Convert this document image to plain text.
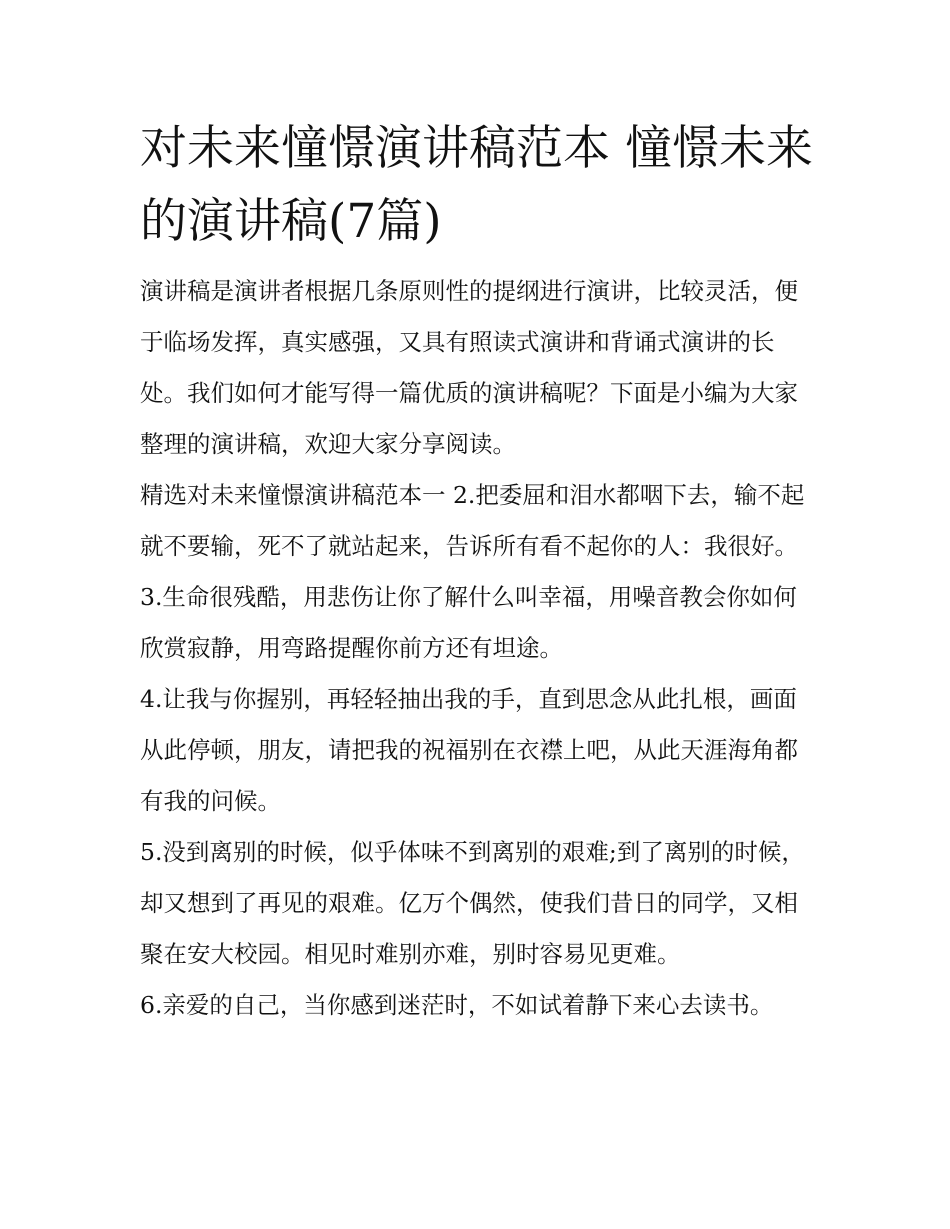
对未来憧憬演讲稿范本 憧憬未来的演讲稿(7篇)

演讲稿是演讲者根据几条原则性的提纲进行演讲，比较灵活，便于临场发挥，真实感强，又具有照读式演讲和背诵式演讲的长处。我们如何才能写得一篇优质的演讲稿呢？下面是小编为大家整理的演讲稿，欢迎大家分享阅读。

精选对未来憧憬演讲稿范本一 2.把委屈和泪水都咽下去，输不起就不要输，死不了就站起来，告诉所有看不起你的人：我很好。

3.生命很残酷，用悲伤让你了解什么叫幸福，用噪音教会你如何欣赏寂静，用弯路提醒你前方还有坦途。

4.让我与你握别，再轻轻抽出我的手，直到思念从此扎根，画面从此停顿，朋友，请把我的祝福别在衣襟上吧，从此天涯海角都有我的问候。

5.没到离别的时候，似乎体味不到离别的艰难;到了离别的时候，却又想到了再见的艰难。亿万个偶然，使我们昔日的同学，又相聚在安大校园。相见时难别亦难，别时容易见更难。

6.亲爱的自己，当你感到迷茫时，不如试着静下来心去读书。
